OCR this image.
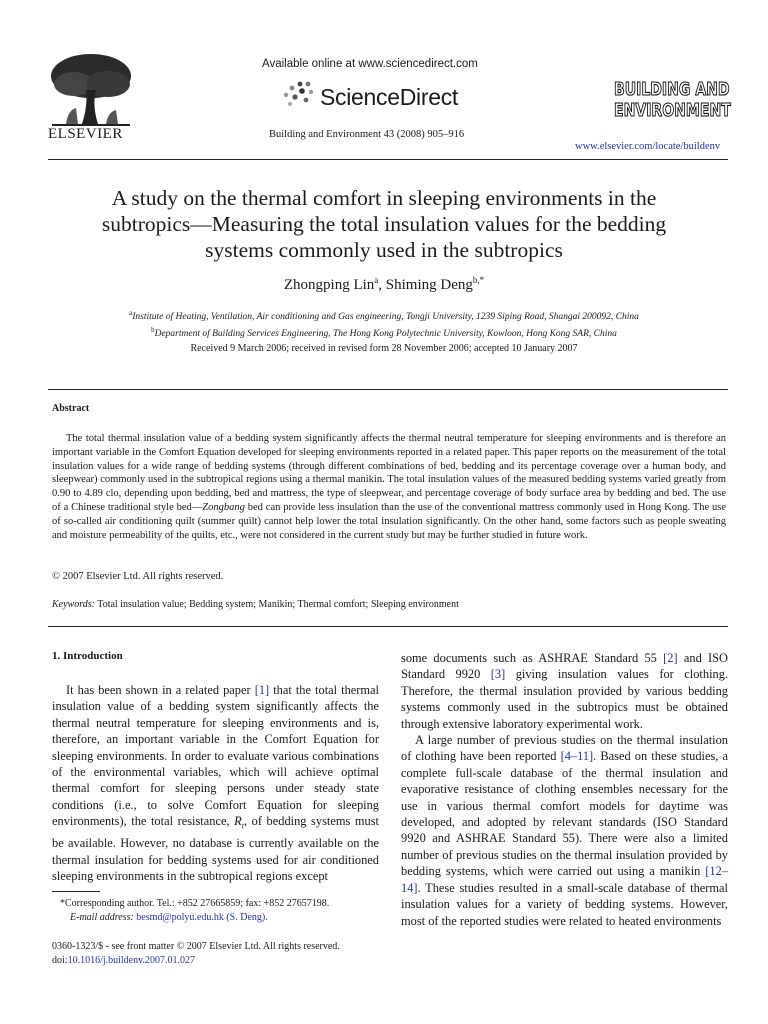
ELSEVIER
Available online at www.sciencedirect.com
ScienceDirect
Building and Environment 43 (2008) 905–916
BUILDING AND
ENVIRONMENT
www.elsevier.com/locate/buildenv
A study on the thermal comfort in sleeping environments in the
subtropics—Measuring the total insulation values for the bedding
systems commonly used in the subtropics
Zhongping Lin$^a$, Shiming Deng$^{b,*}$
$^a$Institute of Heating, Ventilation, Air conditioning and Gas engineering, Tongji University, 1239 Siping Road, Shangai 200092, China
$^b$Department of Building Services Engineering, The Hong Kong Polytechnic University, Kowloon, Hong Kong SAR, China
Received 9 March 2006; received in revised form 28 November 2006; accepted 10 January 2007
Abstract

The total thermal insulation value of a bedding system significantly affects the thermal neutral temperature for sleeping environments and is therefore an important variable in the Comfort Equation developed for sleeping environments reported in a related paper. This paper reports on the measurement of the total insulation values for a wide range of bedding systems (through different combinations of bed, bedding and its percentage coverage over a human body, and sleepwear) commonly used in the subtropical regions using a thermal manikin. The total insulation values of the measured bedding systems varied greatly from 0.90 to 4.89 clo, depending upon bedding, bed and mattress, the type of sleepwear, and percentage coverage of body surface area by bedding and bed. The use of a Chinese traditional style bed—Zongbang bed can provide less insulation than the use of the conventional mattress commonly used in Hong Kong. The use of so-called air conditioning quilt (summer quilt) cannot help lower the total insulation significantly. On the other hand, some factors such as people sweating and moisture permeability of the quilts, etc., were not considered in the current study but may be further studied in future work.

© 2007 Elsevier Ltd. All rights reserved.
Keywords: Total insulation value; Bedding system; Manikin; Thermal comfort; Sleeping environment
1. Introduction

It has been shown in a related paper [1] that the total thermal insulation value of a bedding system significantly affects the thermal neutral temperature for sleeping environments and is, therefore, an important variable in the Comfort Equation for sleeping environments. In order to evaluate various combinations of the environmental variables, which will achieve optimal thermal comfort for sleeping persons under steady state conditions (i.e., to solve Comfort Equation for sleeping environments), the total resistance, $R_t$, of bedding systems must be available. However, no database is currently available on the thermal insulation for bedding systems used for air conditioned sleeping environments in the subtropical regions except

some documents such as ASHRAE Standard 55 [2] and ISO Standard 9920 [3] giving insulation values for clothing. Therefore, the thermal insulation provided by various bedding systems commonly used in the subtropics must be obtained through extensive laboratory experimental work.

A large number of previous studies on the thermal insulation of clothing have been reported [4–11]. Based on these studies, a complete full-scale database of the thermal insulation and evaporative resistance of clothing ensembles necessary for the use in various thermal comfort models for daytime was developed, and adopted by relevant standards (ISO Standard 9920 and ASHRAE Standard 55). There were also a limited number of previous studies on the thermal insulation provided by bedding systems, which were carried out using a manikin [12–14]. These studies resulted in a small-scale database of thermal insulation values for a variety of bedding systems. However, most of the reported studies were related to heated environments

*Corresponding author. Tel.: +852 27665859; fax: +852 27657198.
E-mail address: besmd@polyu.edu.hk (S. Deng).
0360-1323/$ - see front matter © 2007 Elsevier Ltd. All rights reserved.
doi:10.1016/j.buildenv.2007.01.027
